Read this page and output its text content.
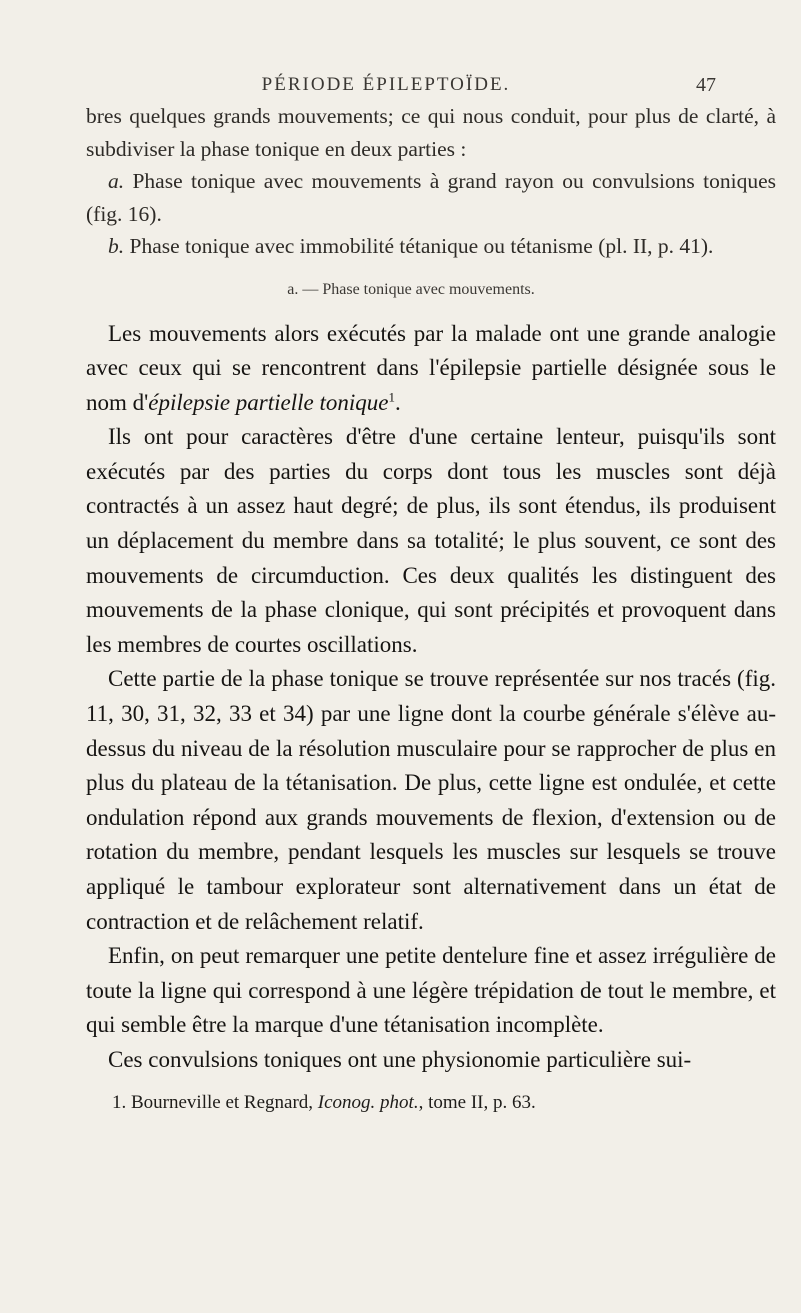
PÉRIODE ÉPILEPTOÏDE.	47

bres quelques grands mouvements; ce qui nous conduit, pour plus de clarté, à subdiviser la phase tonique en deux parties :

a. Phase tonique avec mouvements à grand rayon ou convulsions toniques (fig. 16).

b. Phase tonique avec immobilité tétanique ou tétanisme (pl. II, p. 41).

a. — Phase tonique avec mouvements.

Les mouvements alors exécutés par la malade ont une grande analogie avec ceux qui se rencontrent dans l'épilepsie partielle désignée sous le nom d'épilepsie partielle tonique$^1$.

Ils ont pour caractères d'être d'une certaine lenteur, puisqu'ils sont exécutés par des parties du corps dont tous les muscles sont déjà contractés à un assez haut degré; de plus, ils sont étendus, ils produisent un déplacement du membre dans sa totalité; le plus souvent, ce sont des mouvements de circumduction. Ces deux qualités les distinguent des mouvements de la phase clonique, qui sont précipités et provoquent dans les membres de courtes oscillations.

Cette partie de la phase tonique se trouve représentée sur nos tracés (fig. 11, 30, 31, 32, 33 et 34) par une ligne dont la courbe générale s'élève au-dessus du niveau de la résolution musculaire pour se rapprocher de plus en plus du plateau de la tétanisation. De plus, cette ligne est ondulée, et cette ondulation répond aux grands mouvements de flexion, d'extension ou de rotation du membre, pendant lesquels les muscles sur lesquels se trouve appliqué le tambour explorateur sont alternativement dans un état de contraction et de relâchement relatif.

Enfin, on peut remarquer une petite dentelure fine et assez irrégulière de toute la ligne qui correspond à une légère trépidation de tout le membre, et qui semble être la marque d'une tétanisation incomplète.

Ces convulsions toniques ont une physionomie particulière sui-

1. Bourneville et Regnard, Iconog. phot., tome II, p. 63.
